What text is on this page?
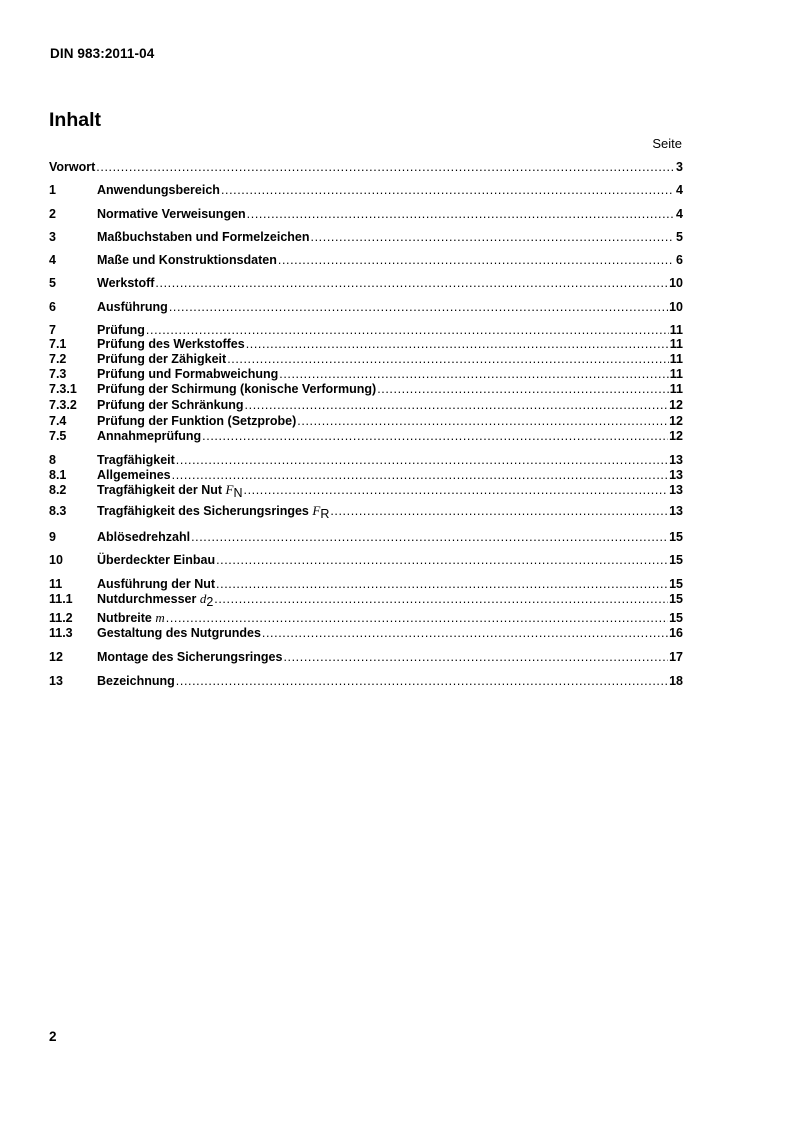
DIN 983:2011-04
Inhalt
Seite
Vorwort .....	3
1	Anwendungsbereich .....	4
2	Normative Verweisungen .....	4
3	Maßbuchstaben und Formelzeichen .....	5
4	Maße und Konstruktionsdaten .....	6
5	Werkstoff .....	10
6	Ausführung .....	10
7	Prüfung .....	11
7.1	Prüfung des Werkstoffes .....	11
7.2	Prüfung der Zähigkeit .....	11
7.3	Prüfung und Formabweichung .....	11
7.3.1	Prüfung der Schirmung (konische Verformung) .....	11
7.3.2	Prüfung der Schränkung .....	12
7.4	Prüfung der Funktion (Setzprobe) .....	12
7.5	Annahmeprüfung .....	12
8	Tragfähigkeit .....	13
8.1	Allgemeines .....	13
8.2	Tragfähigkeit der Nut FN .....	13
8.3	Tragfähigkeit des Sicherungsringes FR .....	13
9	Ablösedrehzahl .....	15
10	Überdeckter Einbau .....	15
11	Ausführung der Nut .....	15
11.1	Nutdurchmesser d2 .....	15
11.2	Nutbreite m .....	15
11.3	Gestaltung des Nutgrundes .....	16
12	Montage des Sicherungsringes .....	17
13	Bezeichnung .....	18
2
